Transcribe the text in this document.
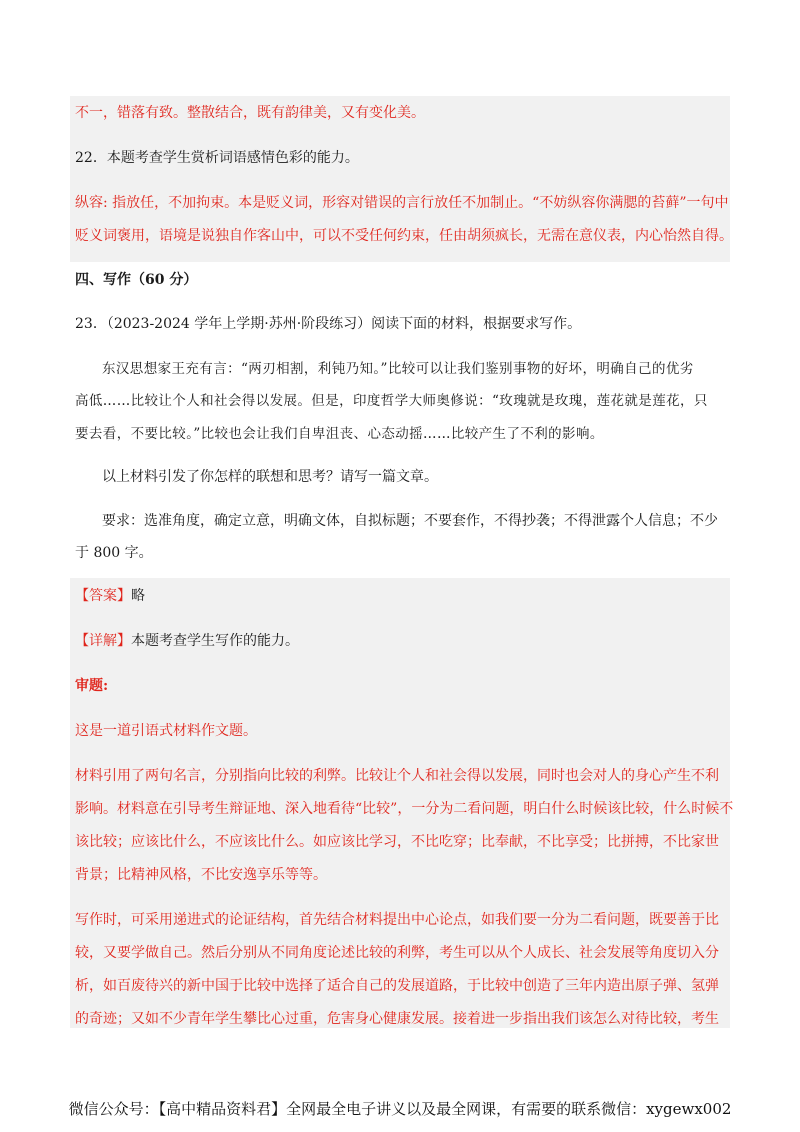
不一，错落有致。整散结合，既有韵律美，又有变化美。
22．本题考查学生赏析词语感情色彩的能力。
纵容: 指放任，不加拘束。本是贬义词，形容对错误的言行放任不加制止。“不妨纵容你满腮的苔藓”一句中
贬义词褒用，语境是说独自作客山中，可以不受任何约束，任由胡须疯长，无需在意仪表，内心怡然自得。
四、写作（60 分）
23．（2023-2024 学年上学期·苏州·阶段练习）阅读下面的材料，根据要求写作。
东汉思想家王充有言：“两刃相割，利钝乃知。”比较可以让我们鉴别事物的好坏，明确自己的优劣
高低……比较让个人和社会得以发展。但是，印度哲学大师奥修说：“玫瑰就是玫瑰，莲花就是莲花，只
要去看，不要比较。”比较也会让我们自卑沮丧、心态动摇……比较产生了不利的影响。
以上材料引发了你怎样的联想和思考？请写一篇文章。
要求：选准角度，确定立意，明确文体，自拟标题；不要套作，不得抄袭；不得泄露个人信息；不少
于 800 字。
【答案】略
【详解】本题考查学生写作的能力。
审题:
这是一道引语式材料作文题。
材料引用了两句名言，分别指向比较的利弊。比较让个人和社会得以发展，同时也会对人的身心产生不利
影响。材料意在引导考生辩证地、深入地看待“比较”，一分为二看问题，明白什么时候该比较，什么时候不
该比较；应该比什么，不应该比什么。如应该比学习，不比吃穿；比奉献，不比享受；比拼搏，不比家世
背景；比精神风格，不比安逸享乐等等。
写作时，可采用递进式的论证结构，首先结合材料提出中心论点，如我们要一分为二看问题，既要善于比
较，又要学做自己。然后分别从不同角度论述比较的利弊，考生可以从个人成长、社会发展等角度切入分
析，如百废待兴的新中国于比较中选择了适合自己的发展道路，于比较中创造了三年内造出原子弹、氢弹
的奇迹；又如不少青年学生攀比心过重，危害身心健康发展。接着进一步指出我们该怎么对待比较，考生
微信公众号：【高中精品资料君】全网最全电子讲义以及最全网课，有需要的联系微信：xygewx002
